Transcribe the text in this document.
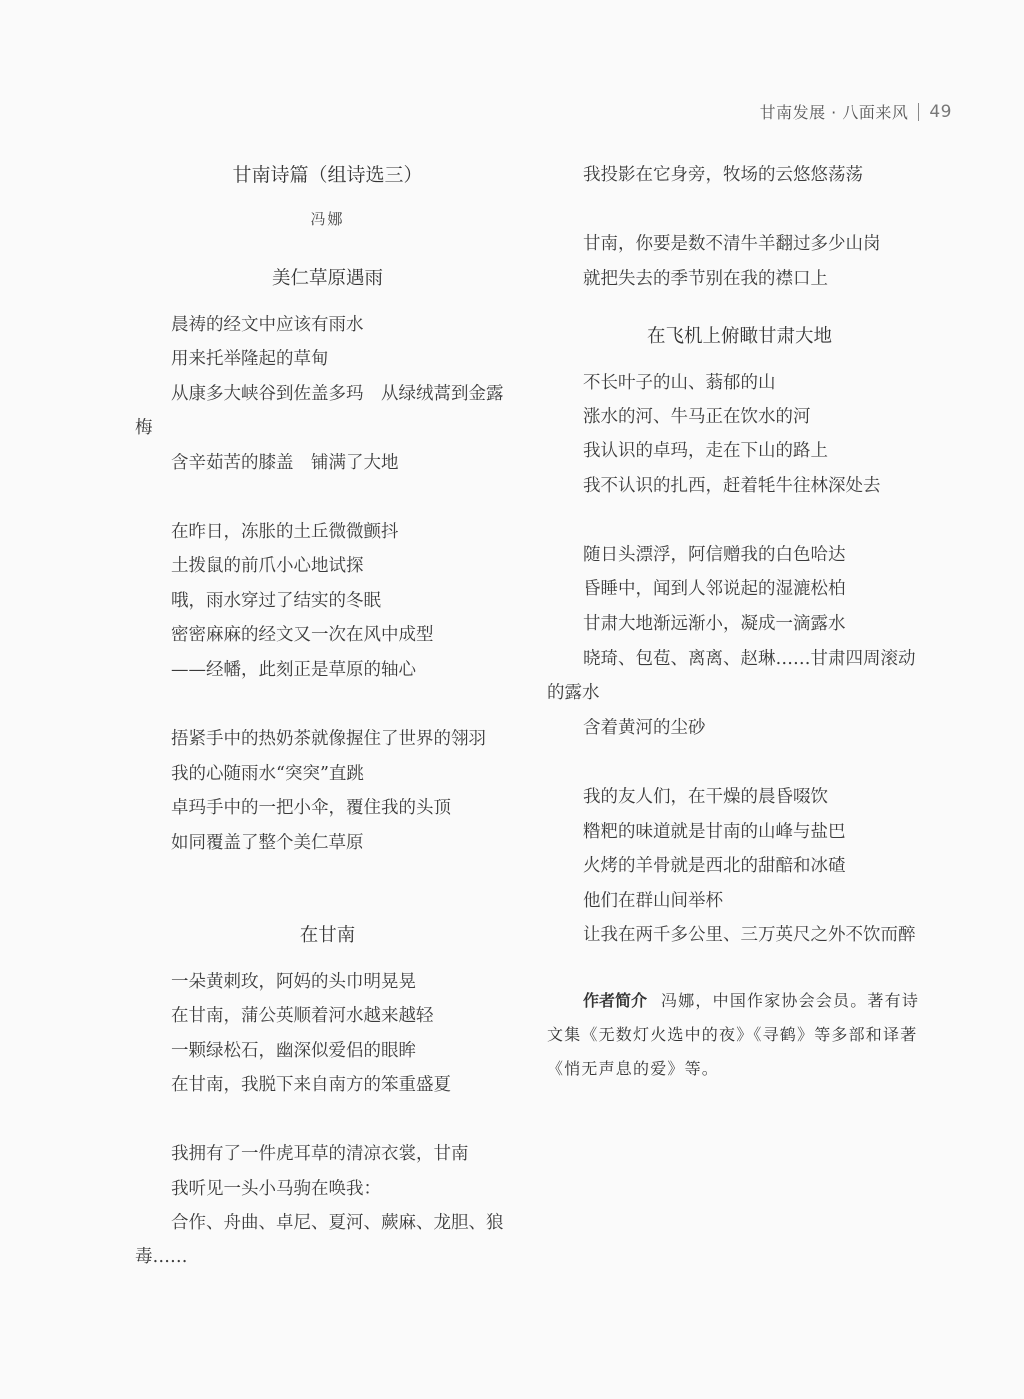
甘南发展 · 八面来风 49
甘南诗篇（组诗选三）
冯娜
美仁草原遇雨
晨祷的经文中应该有雨水
用来托举隆起的草甸
从康多大峡谷到佐盖多玛　从绿绒蒿到金露
梅
含辛茹苦的膝盖　铺满了大地
在昨日，冻胀的土丘微微颤抖
土拨鼠的前爪小心地试探
哦，雨水穿过了结实的冬眠
密密麻麻的经文又一次在风中成型
——经幡，此刻正是草原的轴心
捂紧手中的热奶茶就像握住了世界的翎羽
我的心随雨水“突突”直跳
卓玛手中的一把小伞，覆住我的头顶
如同覆盖了整个美仁草原
在甘南
一朵黄刺玫，阿妈的头巾明晃晃
在甘南，蒲公英顺着河水越来越轻
一颗绿松石，幽深似爱侣的眼眸
在甘南，我脱下来自南方的笨重盛夏
我拥有了一件虎耳草的清凉衣裳，甘南
我听见一头小马驹在唤我：
合作、舟曲、卓尼、夏河、蕨麻、龙胆、狼
毒……
我投影在它身旁，牧场的云悠悠荡荡
甘南，你要是数不清牛羊翻过多少山岗
就把失去的季节别在我的襟口上
在飞机上俯瞰甘肃大地
不长叶子的山、蓊郁的山
涨水的河、牛马正在饮水的河
我认识的卓玛，走在下山的路上
我不认识的扎西，赶着牦牛往林深处去
随日头漂浮，阿信赠我的白色哈达
昏睡中，闻到人邻说起的湿漉松柏
甘肃大地渐远渐小，凝成一滴露水
晓琦、包苞、离离、赵琳……甘肃四周滚动
的露水
含着黄河的尘砂
我的友人们，在干燥的晨昏啜饮
糌粑的味道就是甘南的山峰与盐巴
火烤的羊骨就是西北的甜醅和冰碴
他们在群山间举杯
让我在两千多公里、三万英尺之外不饮而醉
作者简介 冯娜，中国作家协会会员。著有诗文集《无数灯火选中的夜》《寻鹤》等多部和译著《悄无声息的爱》等。
